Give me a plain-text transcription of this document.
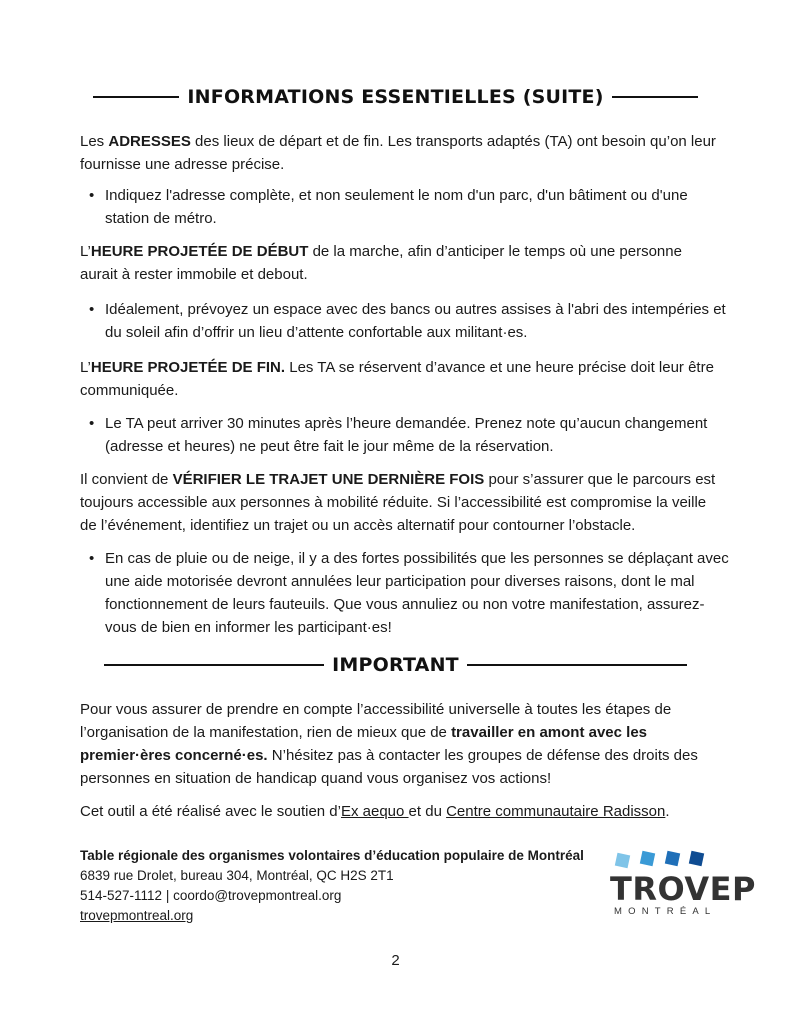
INFORMATIONS ESSENTIELLES (SUITE)

Les ADRESSES des lieux de départ et de fin. Les transports adaptés (TA) ont besoin qu’on leur fournisse une adresse précise.

• Indiquez l'adresse complète, et non seulement le nom d'un parc, d'un bâtiment ou d'une station de métro.

L’HEURE PROJETÉE DE DÉBUT de la marche, afin d’anticiper le temps où une personne aurait à rester immobile et debout.

• Idéalement, prévoyez un espace avec des bancs ou autres assises à l'abri des intempéries et du soleil afin d’offrir un lieu d’attente confortable aux militant·es.

L’HEURE PROJETÉE DE FIN. Les TA se réservent d’avance et une heure précise doit leur être communiquée.

• Le TA peut arriver 30 minutes après l’heure demandée. Prenez note qu’aucun changement (adresse et heures) ne peut être fait le jour même de la réservation.

Il convient de VÉRIFIER LE TRAJET UNE DERNIÈRE FOIS pour s’assurer que le parcours est toujours accessible aux personnes à mobilité réduite. Si l’accessibilité est compromise la veille de l’événement, identifiez un trajet ou un accès alternatif pour contourner l’obstacle.

• En cas de pluie ou de neige, il y a des fortes possibilités que les personnes se déplaçant avec une aide motorisée devront annulées leur participation pour diverses raisons, dont le mal fonctionnement de leurs fauteuils. Que vous annuliez ou non votre manifestation, assurez-vous de bien en informer les participant·es!

IMPORTANT

Pour vous assurer de prendre en compte l’accessibilité universelle à toutes les étapes de l’organisation de la manifestation, rien de mieux que de travailler en amont avec les premier·ères concerné·es. N’hésitez pas à contacter les groupes de défense des droits des personnes en situation de handicap quand vous organisez vos actions!

Cet outil a été réalisé avec le soutien d’Ex aequo et du Centre communautaire Radisson.

Table régionale des organismes volontaires d’éducation populaire de Montréal
6839 rue Drolet, bureau 304, Montréal, QC H2S 2T1
514-527-1112 | coordo@trovepmontreal.org
trovepmontreal.org
TROVEP
MONTRÉAL
2
